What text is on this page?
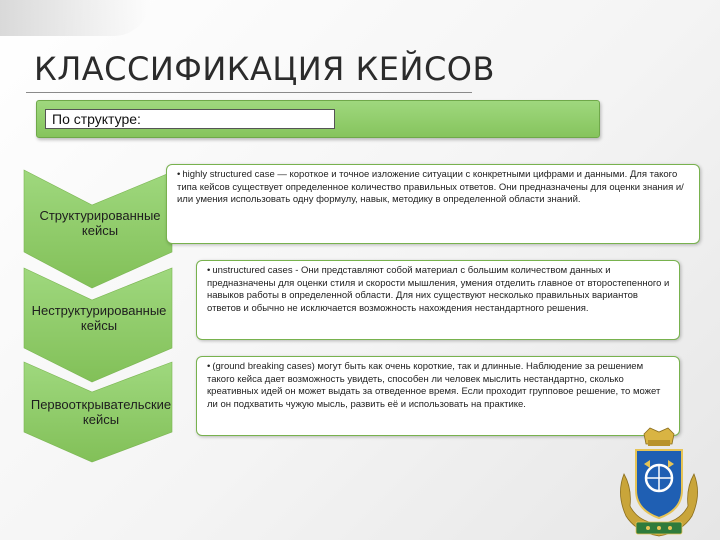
КЛАССИФИКАЦИЯ КЕЙСОВ
По структуре:
Структурированные кейсы
Неструктурированные кейсы
Первооткрывательские кейсы
• highly structured case — короткое и точное изложение ситуации с конкретными цифрами и данными. Для такого типа кейсов существует определенное количество правильных ответов. Они предназначены для оценки знания и/или умения использовать одну формулу, навык, методику в определенной области знаний.
• unstructured cases - Они представляют собой материал с большим количеством данных и предназначены для оценки стиля и скорости мышления, умения отделить главное от второстепенного и навыков работы в определенной области. Для них существуют несколько правильных вариантов ответов и обычно не исключается возможность нахождения нестандартного решения.
• (ground breaking cases) могут быть как очень короткие, так и длинные. Наблюдение за решением такого кейса дает возможность увидеть, способен ли человек мыслить нестандартно, сколько креативных идей он может выдать за отведенное время. Если проходит групповое решение, то может ли он подхватить чужую мысль, развить её и использовать на практике.
